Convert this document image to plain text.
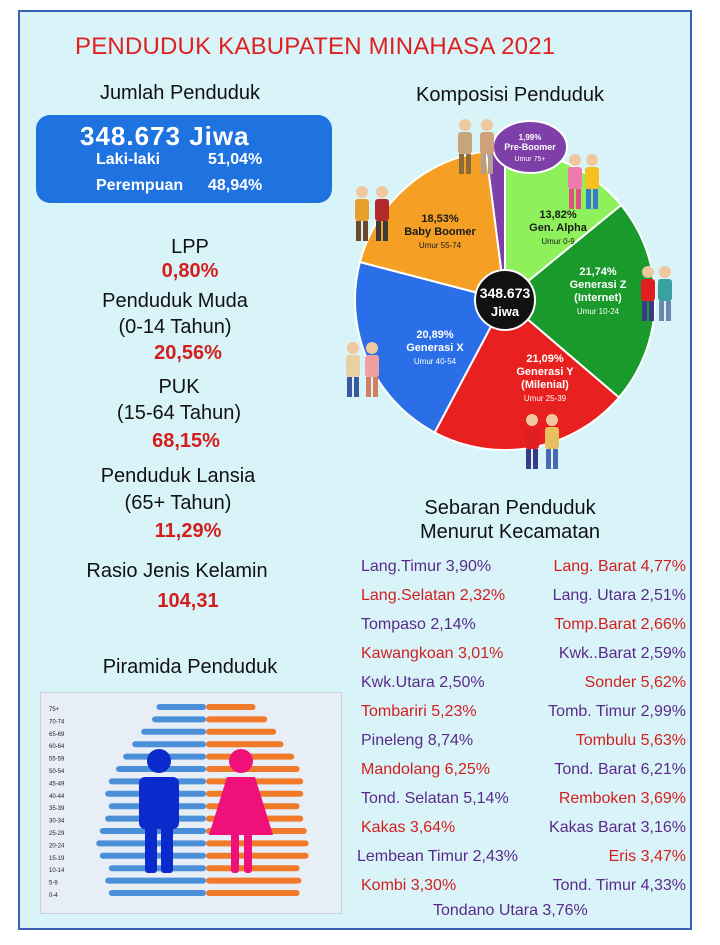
PENDUDUK KABUPATEN MINAHASA 2021
Jumlah Penduduk
348.673 Jiwa
Laki-laki	51,04%
Perempuan 48,94%
LPP
0,80%
Penduduk Muda
(0-14 Tahun)
20,56%
PUK
(15-64 Tahun)
68,15%
Penduduk Lansia
(65+ Tahun)
11,29%
Rasio Jenis Kelamin
104,31
Piramida Penduduk
75+
70-74
65-69
60-64
55-59
50-54
45-49
40-44
35-39
30-34
25-29
20-24
15-19
10-14
5-9
0-4
Komposisi Penduduk
1,99%
Pre-Boomer
Umur 75+
13,82%
Gen. Alpha
Umur 0-9
21,74%
Generasi Z
(Internet)
Umur 10-24
21,09%
Generasi Y
(Milenial)
Umur 25-39
20,89%
Generasi X
Umur 40-54
18,53%
Baby Boomer
Umur 55-74
348.673
Jiwa
Sebaran Penduduk
Menurut Kecamatan
Lang.Timur 3,90%
Lang.Selatan 2,32%
Tompaso 2,14%
Kawangkoan 3,01%
Kwk.Utara 2,50%
Tombariri 5,23%
Pineleng 8,74%
Mandolang 6,25%
Tond. Selatan 5,14%
Kakas 3,64%
Lembean Timur 2,43%
Kombi 3,30%
Lang. Barat 4,77%
Lang. Utara 2,51%
Tomp.Barat 2,66%
Kwk..Barat 2,59%
Sonder 5,62%
Tomb. Timur 2,99%
Tombulu 5,63%
Tond. Barat 6,21%
Remboken 3,69%
Kakas Barat 3,16%
Eris 3,47%
Tond. Timur 4,33%
Tondano Utara 3,76%
